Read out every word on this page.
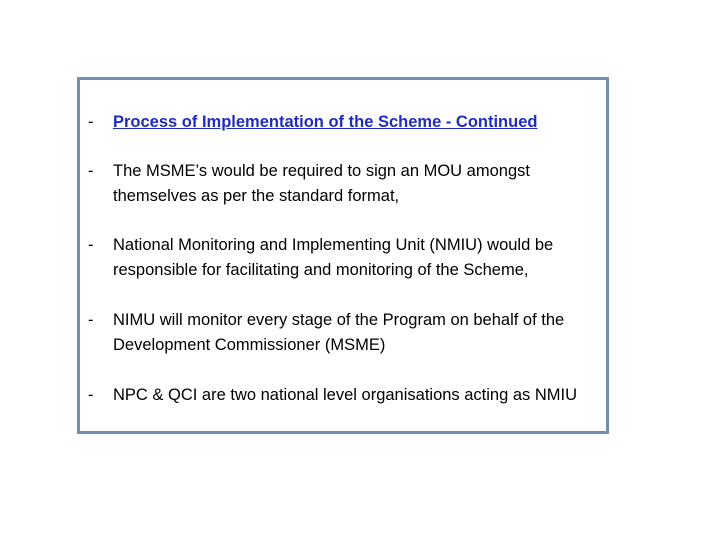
-	Process of Implementation of the Scheme - Continued
-	The MSME’s would be required to sign an MOU amongst themselves as per the standard format,
-	National Monitoring and Implementing Unit (NMIU) would be responsible for facilitating and monitoring of the Scheme,
-	NIMU will monitor every stage of the Program on behalf of the Development Commissioner (MSME)
-	NPC & QCI are two national level organisations acting as NMIU
